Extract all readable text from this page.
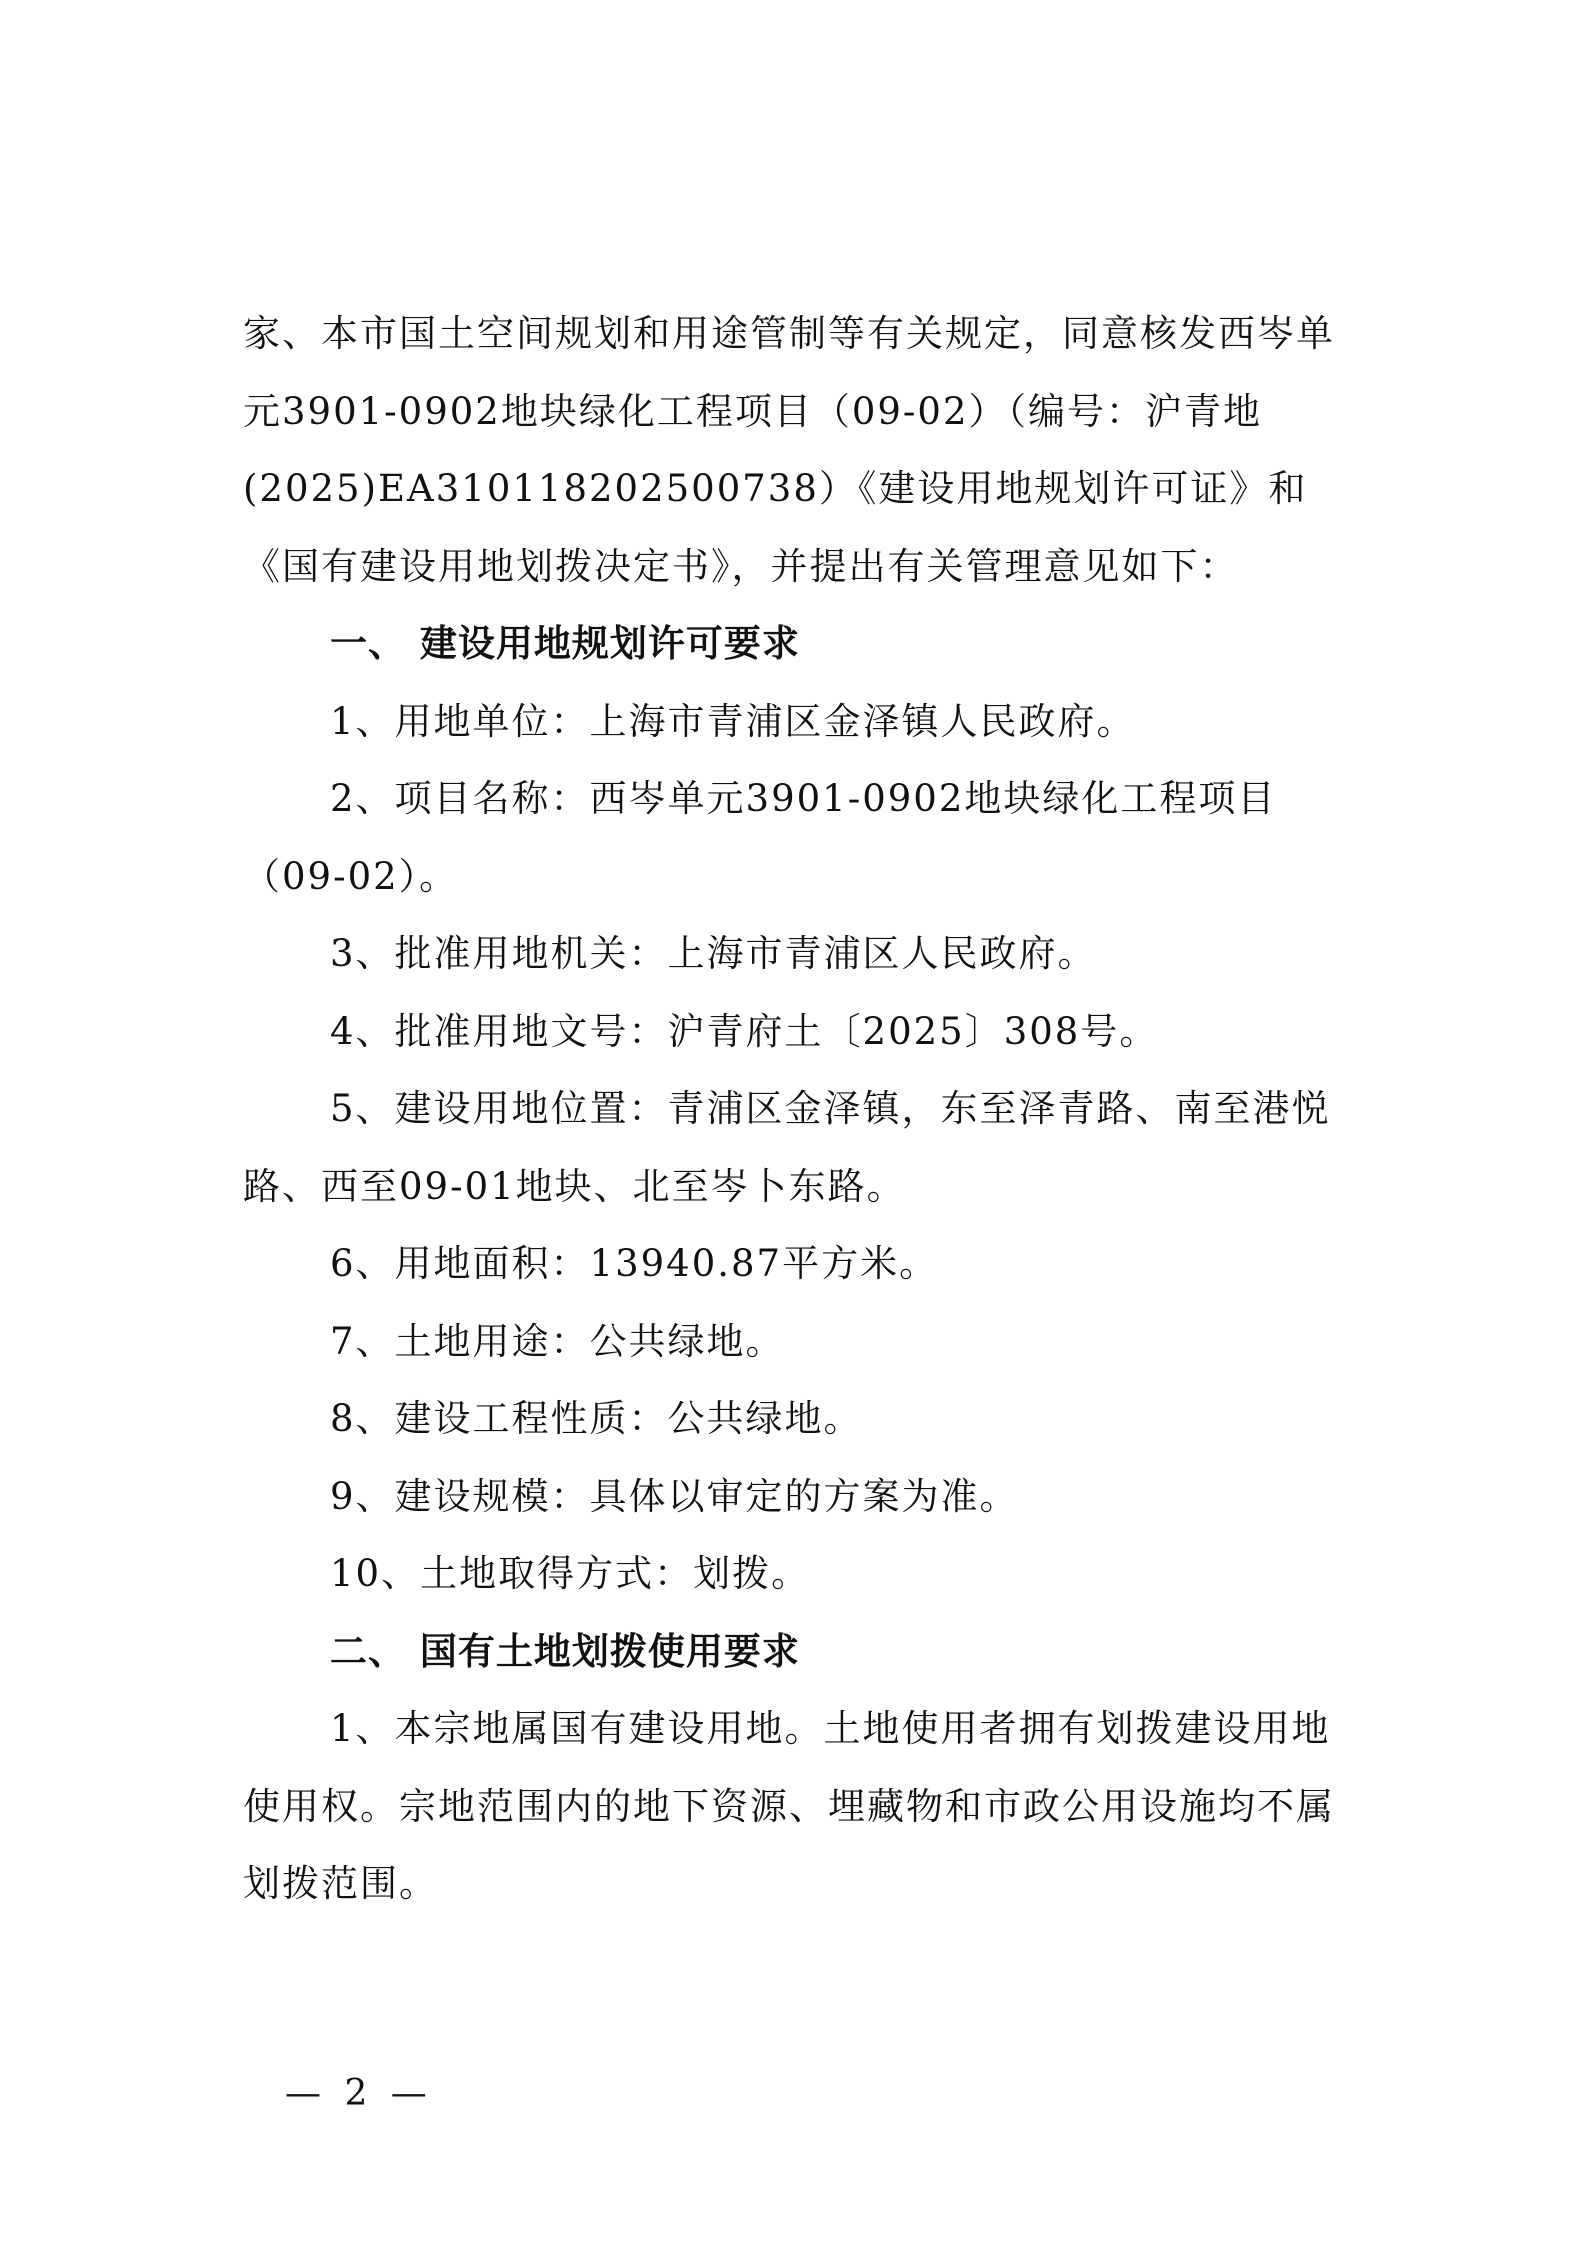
家、本市国土空间规划和用途管制等有关规定，同意核发西岑单元3901-0902地块绿化工程项目（09-02）（编号：沪青地(2025)EA310118202500738）《建设用地规划许可证》和《国有建设用地划拨决定书》，并提出有关管理意见如下：

一、 建设用地规划许可要求

1、用地单位：上海市青浦区金泽镇人民政府。

2、项目名称：西岑单元3901-0902地块绿化工程项目（09-02）。

3、批准用地机关：上海市青浦区人民政府。

4、批准用地文号：沪青府土〔2025〕308号。

5、建设用地位置：青浦区金泽镇，东至泽青路、南至港悦路、西至09-01地块、北至岑卜东路。

6、用地面积：13940.87平方米。

7、土地用途：公共绿地。

8、建设工程性质：公共绿地。

9、建设规模：具体以审定的方案为准。

10、土地取得方式：划拨。

二、 国有土地划拨使用要求

1、本宗地属国有建设用地。土地使用者拥有划拨建设用地使用权。宗地范围内的地下资源、埋藏物和市政公用设施均不属划拨范围。

— 2 —
